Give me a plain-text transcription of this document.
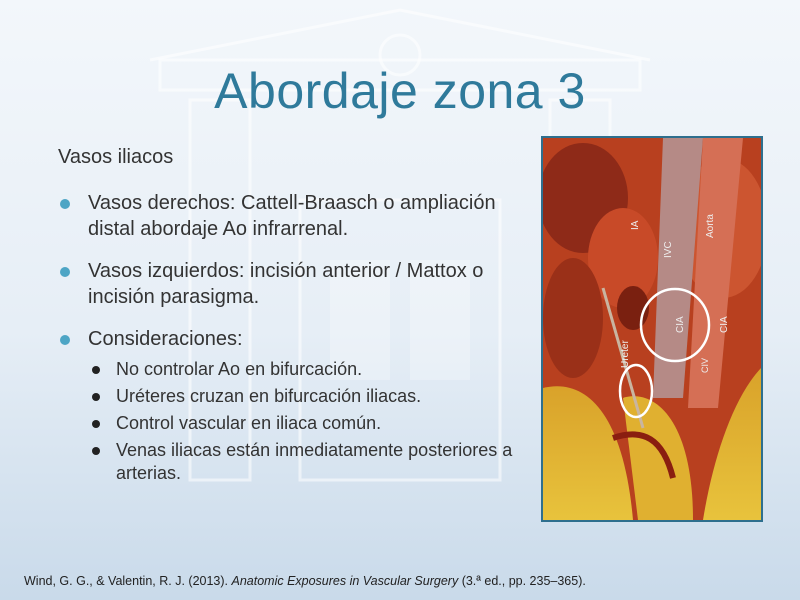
Abordaje zona 3
Vasos iliacos
Vasos derechos: Cattell-Braasch o ampliación distal abordaje Ao infrarrenal.
Vasos izquierdos: incisión anterior / Mattox o incisión parasigma.
Consideraciones:
No controlar Ao en bifurcación.
Uréteres cruzan en bifurcación iliacas.
Control vascular en iliaca común.
Venas iliacas están inmediatamente posteriores a arterias.
IVC
Aorta
CIA	CIA
CIV
Ureter
IA
Wind, G. G., & Valentin, R. J. (2013). Anatomic Exposures in Vascular Surgery (3.ª ed., pp. 235–365).
